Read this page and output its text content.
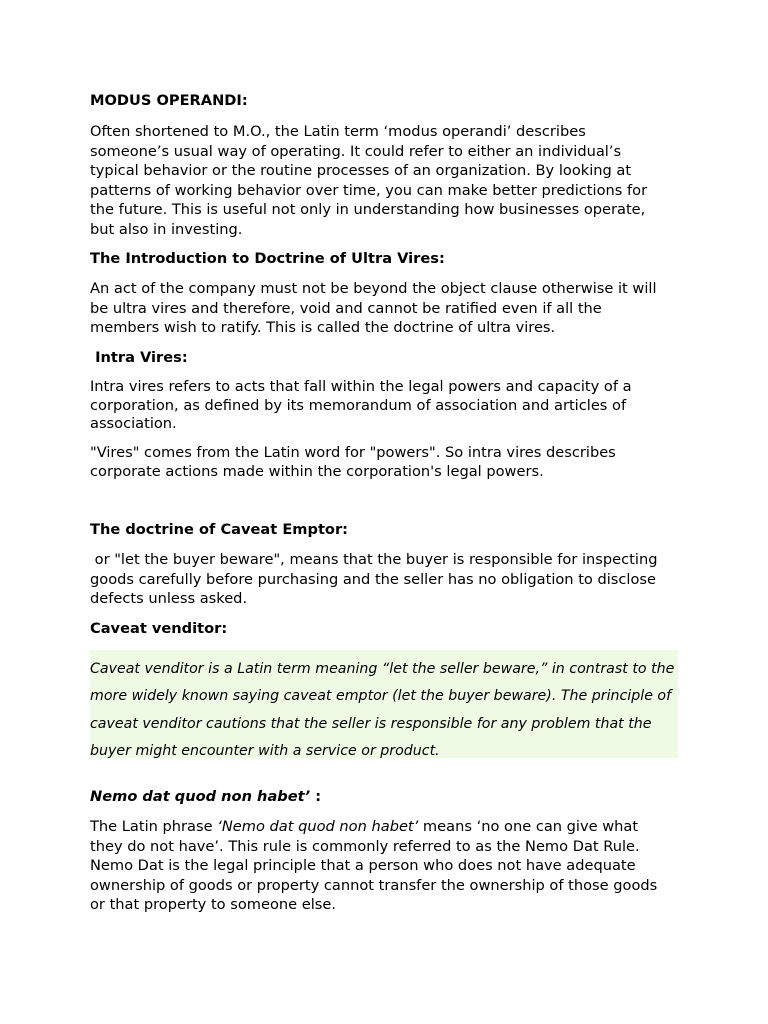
MODUS OPERANDI:

Often shortened to M.O., the Latin term ‘modus operandi’ describes
someone’s usual way of operating. It could refer to either an individual’s
typical behavior or the routine processes of an organization. By looking at
patterns of working behavior over time, you can make better predictions for
the future. This is useful not only in understanding how businesses operate,
but also in investing.

The Introduction to Doctrine of Ultra Vires:

An act of the company must not be beyond the object clause otherwise it will
be ultra vires and therefore, void and cannot be ratified even if all the
members wish to ratify. This is called the doctrine of ultra vires.

Intra Vires:

Intra vires refers to acts that fall within the legal powers and capacity of a
corporation, as defined by its memorandum of association and articles of
association.

"Vires" comes from the Latin word for "powers". So intra vires describes
corporate actions made within the corporation's legal powers.

The doctrine of Caveat Emptor:

or "let the buyer beware", means that the buyer is responsible for inspecting
goods carefully before purchasing and the seller has no obligation to disclose
defects unless asked.

Caveat venditor:
Caveat venditor is a Latin term meaning “let the seller beware,” in contrast to the
more widely known saying caveat emptor (let the buyer beware). The principle of
caveat venditor cautions that the seller is responsible for any problem that the
buyer might encounter with a service or product.
Nemo dat quod non habet’ :

The Latin phrase ‘Nemo dat quod non habet’ means ‘no one can give what
they do not have’. This rule is commonly referred to as the Nemo Dat Rule.
Nemo Dat is the legal principle that a person who does not have adequate
ownership of goods or property cannot transfer the ownership of those goods
or that property to someone else.
